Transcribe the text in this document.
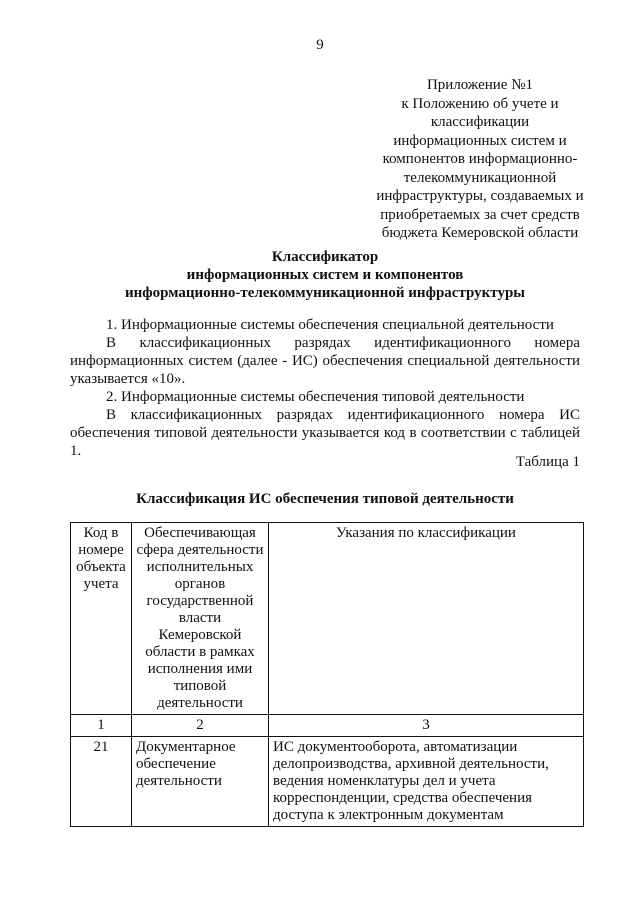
9
Приложение №1
к Положению об учете и
классификации
информационных систем и
компонентов информационно-
телекоммуникационной
инфраструктуры, создаваемых и
приобретаемых за счет средств
бюджета Кемеровской области
Классификатор
информационных систем и компонентов
информационно-телекоммуникационной инфраструктуры

1. Информационные системы обеспечения специальной деятельности

В классификационных разрядах идентификационного номера информационных систем (далее - ИС) обеспечения специальной деятельности указывается «10».

2. Информационные системы обеспечения типовой деятельности

В классификационных разрядах идентификационного номера ИС обеспечения типовой деятельности указывается код в соответствии с таблицей 1.

Таблица 1
Классификация ИС обеспечения типовой деятельности
Код в номере объекта учета	Обеспечивающая сфера деятельности исполнительных органов государственной власти Кемеровской области в рамках исполнения ими типовой деятельности	Указания по классификации
1	2	3
21	Документарное обеспечение деятельности	ИС документооборота, автоматизации делопроизводства, архивной деятельности, ведения номенклатуры дел и учета корреспонденции, средства обеспечения доступа к электронным документам
